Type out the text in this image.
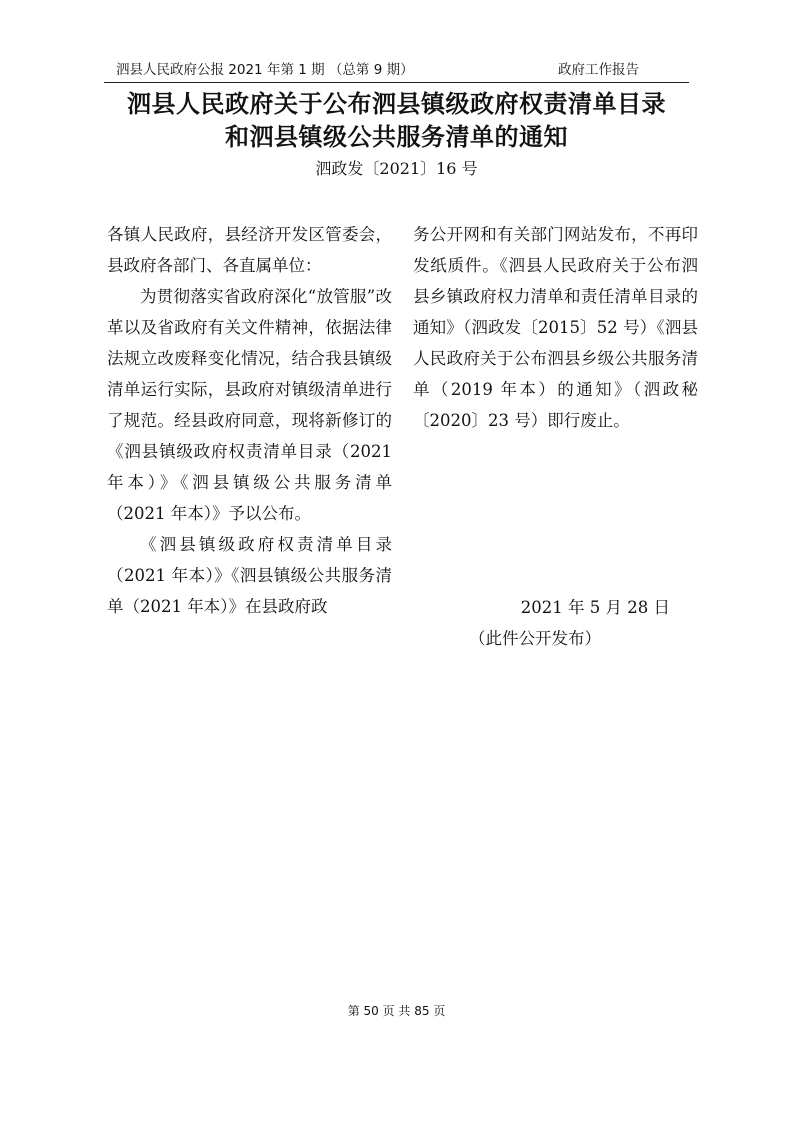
泗县人民政府公报 2021 年第 1 期 （总第 9 期）	政府工作报告
泗县人民政府关于公布泗县镇级政府权责清单目录
和泗县镇级公共服务清单的通知
泗政发〔2021〕16 号

各镇人民政府，县经济开发区管委会，县政府各部门、各直属单位：

为贯彻落实省政府深化“放管服”改革以及省政府有关文件精神，依据法律法规立改废释变化情况，结合我县镇级清单运行实际，县政府对镇级清单进行了规范。经县政府同意，现将新修订的《泗县镇级政府权责清单目录（2021 年本）》《泗县镇级公共服务清单（2021 年本）》予以公布。

《泗县镇级政府权责清单目录（2021 年本）》《泗县镇级公共服务清单（2021 年本）》在县政府政

务公开网和有关部门网站发布，不再印发纸质件。《泗县人民政府关于公布泗县乡镇政府权力清单和责任清单目录的通知》（泗政发〔2015〕52 号）《泗县人民政府关于公布泗县乡级公共服务清单（2019 年本）的通知》（泗政秘〔2020〕23 号）即行废止。

2021 年 5 月 28 日
（此件公开发布）
第 50 页 共 85 页
